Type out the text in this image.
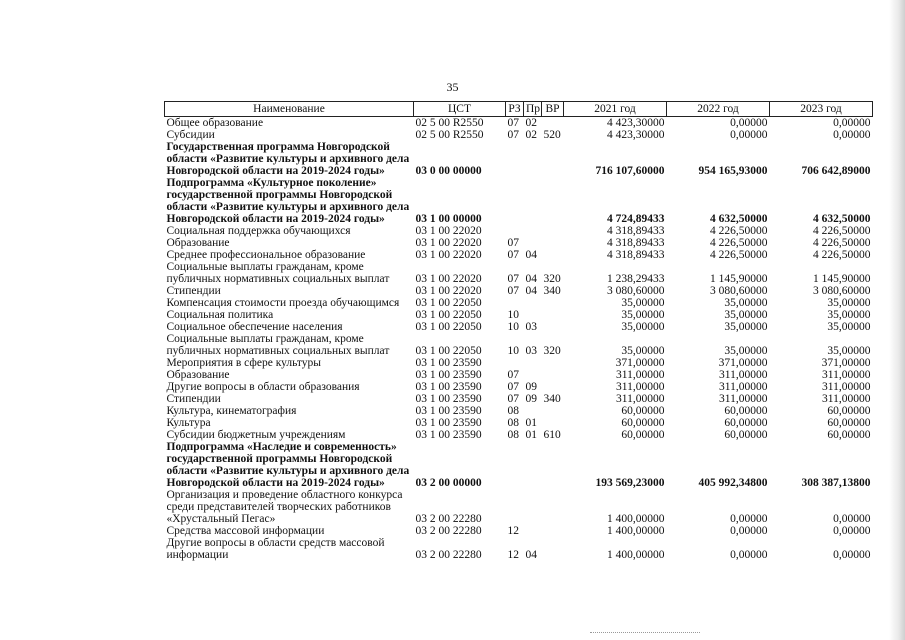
35
Наименование	ЦСТ	РЗ	Пр	ВР	2021 год	2022 год	2023 год
Общее образование	02 5 00 R2550	07	02		4 423,30000	0,00000	0,00000
Субсидии	02 5 00 R2550	07	02	520	4 423,30000	0,00000	0,00000
Государственная программа Новгородской области «Развитие культуры и архивного дела Новгородской области на 2019-2024 годы»	03 0 00 00000				716 107,60000	954 165,93000	706 642,89000
Подпрограмма «Культурное поколение» государственной программы Новгородской области «Развитие культуры и архивного дела Новгородской области на 2019-2024 годы»	03 1 00 00000				4 724,89433	4 632,50000	4 632,50000
Социальная поддержка обучающихся	03 1 00 22020				4 318,89433	4 226,50000	4 226,50000
Образование	03 1 00 22020	07			4 318,89433	4 226,50000	4 226,50000
Среднее профессиональное образование	03 1 00 22020	07	04		4 318,89433	4 226,50000	4 226,50000
Социальные выплаты гражданам, кроме публичных нормативных социальных выплат	03 1 00 22020	07	04	320	1 238,29433	1 145,90000	1 145,90000
Стипендии	03 1 00 22020	07	04	340	3 080,60000	3 080,60000	3 080,60000
Компенсация стоимости проезда обучающимся	03 1 00 22050				35,00000	35,00000	35,00000
Социальная политика	03 1 00 22050	10			35,00000	35,00000	35,00000
Социальное обеспечение населения	03 1 00 22050	10	03		35,00000	35,00000	35,00000
Социальные выплаты гражданам, кроме публичных нормативных социальных выплат	03 1 00 22050	10	03	320	35,00000	35,00000	35,00000
Мероприятия в сфере культуры	03 1 00 23590				371,00000	371,00000	371,00000
Образование	03 1 00 23590	07			311,00000	311,00000	311,00000
Другие вопросы в области образования	03 1 00 23590	07	09		311,00000	311,00000	311,00000
Стипендии	03 1 00 23590	07	09	340	311,00000	311,00000	311,00000
Культура, кинематография	03 1 00 23590	08			60,00000	60,00000	60,00000
Культура	03 1 00 23590	08	01		60,00000	60,00000	60,00000
Субсидии бюджетным учреждениям	03 1 00 23590	08	01	610	60,00000	60,00000	60,00000
Подпрограмма «Наследие и современность» государственной программы Новгородской области «Развитие культуры и архивного дела Новгородской области на 2019-2024 годы»	03 2 00 00000				193 569,23000	405 992,34800	308 387,13800
Организация и проведение областного конкурса среди представителей творческих работников «Хрустальный Пегас»	03 2 00 22280				1 400,00000	0,00000	0,00000
Средства массовой информации	03 2 00 22280	12			1 400,00000	0,00000	0,00000
Другие вопросы в области средств массовой информации	03 2 00 22280	12	04		1 400,00000	0,00000	0,00000
